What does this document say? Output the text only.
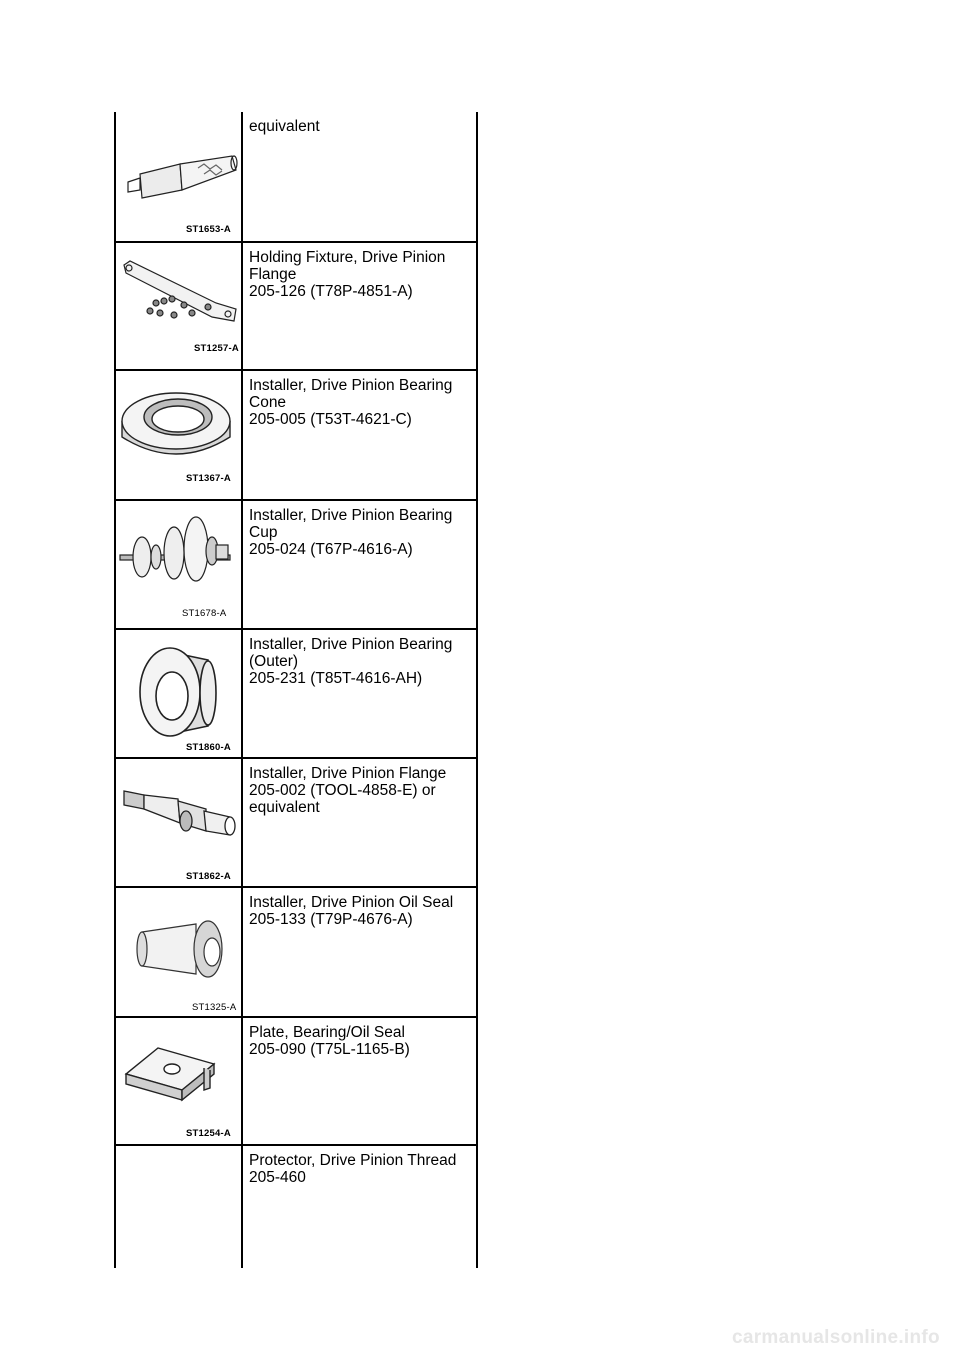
ST1653-A
equivalent
ST1257-A
Holding Fixture, Drive Pinion
Flange
205-126 (T78P-4851-A)
ST1367-A
Installer, Drive Pinion Bearing
Cone
205-005 (T53T-4621-C)
ST1678-A
Installer, Drive Pinion Bearing
Cup
205-024 (T67P-4616-A)
ST1860-A
Installer, Drive Pinion Bearing
(Outer)
205-231 (T85T-4616-AH)
ST1862-A
Installer, Drive Pinion Flange
205-002 (TOOL-4858-E) or
equivalent
ST1325-A
Installer, Drive Pinion Oil Seal
205-133 (T79P-4676-A)
ST1254-A
Plate, Bearing/Oil Seal
205-090 (T75L-1165-B)
Protector, Drive Pinion Thread
205-460
carmanualsonline.info
